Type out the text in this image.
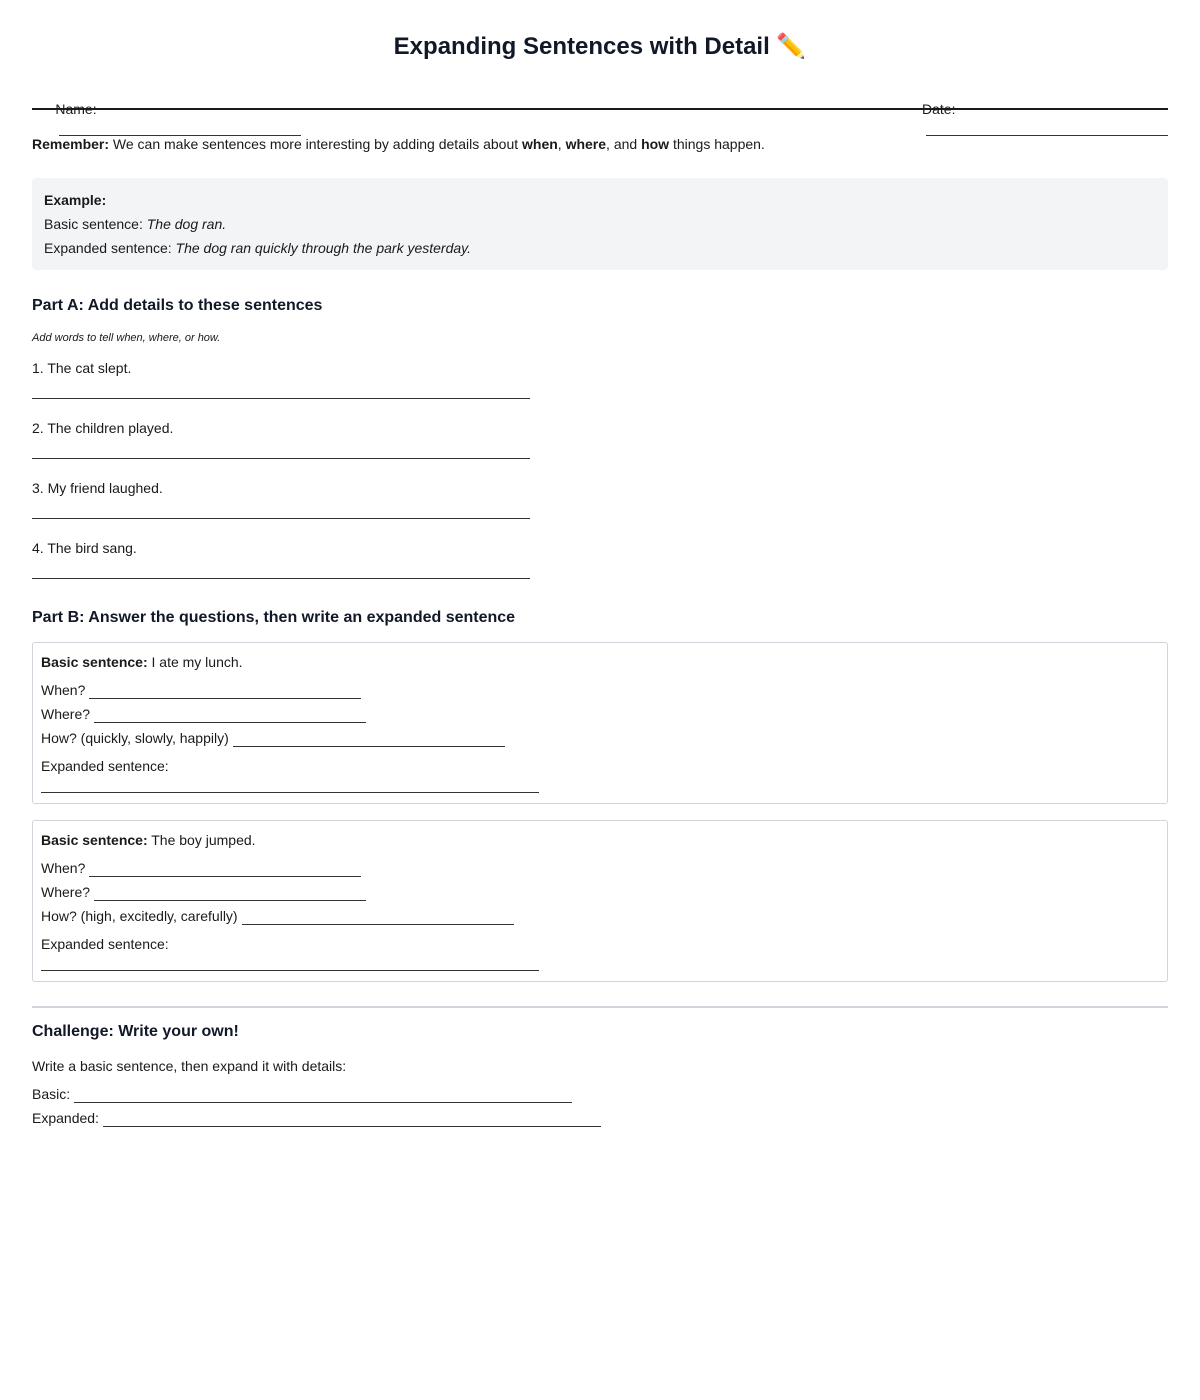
Expanding Sentences with Detail ✏️

Name:

	Date:

Remember: We can make sentences more interesting by adding details about when, where, and how things happen.
Example:
Basic sentence: The dog ran.
Expanded sentence: The dog ran quickly through the park yesterday.
Part A: Add details to these sentences
Add words to tell when, where, or how.
1. The cat slept.
2. The children played.
3. My friend laughed.
4. The bird sang.
Part B: Answer the questions, then write an expanded sentence
Basic sentence: I ate my lunch.
When?
Where?
How? (quickly, slowly, happily)
Expanded sentence:
Basic sentence: The boy jumped.
When?
Where?
How? (high, excitedly, carefully)
Expanded sentence:
Challenge: Write your own!
Write a basic sentence, then expand it with details:
Basic:
Expanded:
